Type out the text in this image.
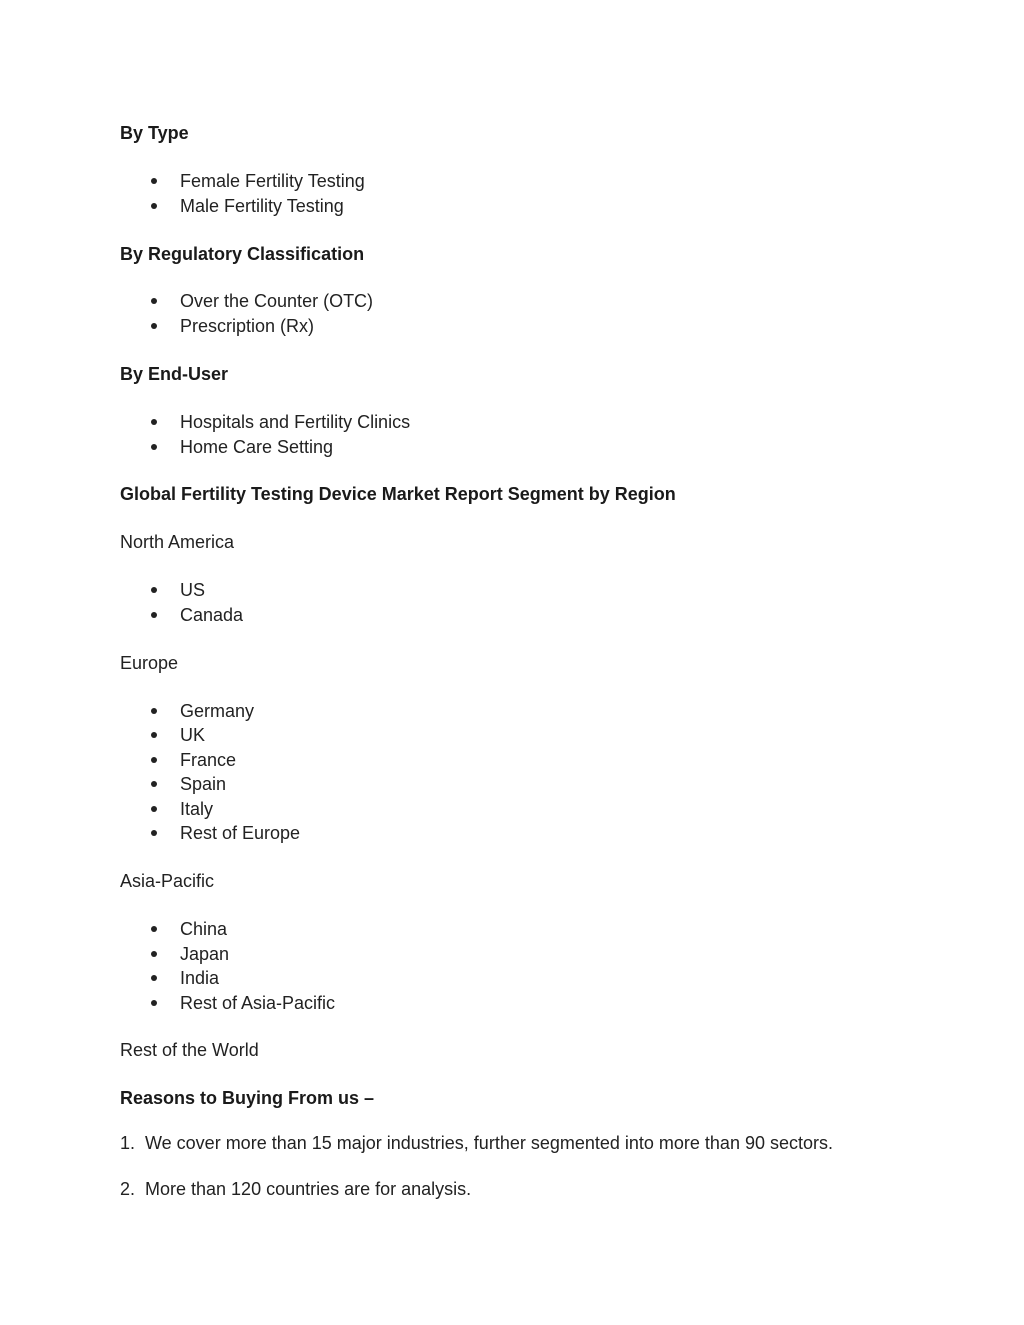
By Type
Female Fertility Testing
Male Fertility Testing
By Regulatory Classification
Over the Counter (OTC)
Prescription (Rx)
By End-User
Hospitals and Fertility Clinics
Home Care Setting
Global Fertility Testing Device Market Report Segment by Region
North America
US
Canada
Europe
Germany
UK
France
Spain
Italy
Rest of Europe
Asia-Pacific
China
Japan
India
Rest of Asia-Pacific
Rest of the World
Reasons to Buying From us –
1. We cover more than 15 major industries, further segmented into more than 90 sectors.
2. More than 120 countries are for analysis.
